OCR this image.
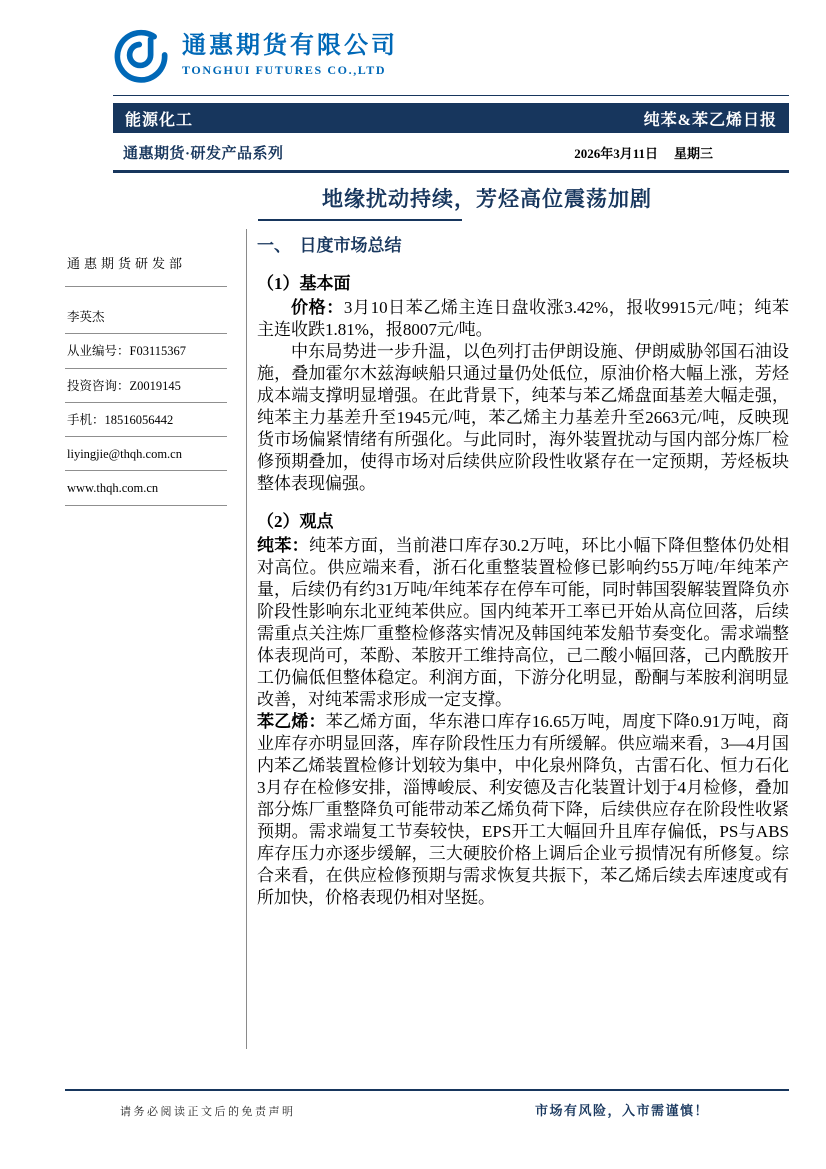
通惠期货有限公司
TONGHUI FUTURES CO.,LTD
能源化工	纯苯&苯乙烯日报
通惠期货·研发产品系列	2026年3月11日 星期三
地缘扰动持续，芳烃高位震荡加剧
通惠期货研发部
李英杰
从业编号：F03115367
投资咨询：Z0019145
手机：18516056442
liyingjie@thqh.com.cn
www.thqh.com.cn
一、　日度市场总结
（1）基本面

价格：3月10日苯乙烯主连日盘收涨3.42%，报收9915元/吨；纯苯主连收跌1.81%，报8007元/吨。

中东局势进一步升温，以色列打击伊朗设施、伊朗威胁邻国石油设施，叠加霍尔木兹海峡船只通过量仍处低位，原油价格大幅上涨，芳烃成本端支撑明显增强。在此背景下，纯苯与苯乙烯盘面基差大幅走强，纯苯主力基差升至1945元/吨，苯乙烯主力基差升至2663元/吨，反映现货市场偏紧情绪有所强化。与此同时，海外装置扰动与国内部分炼厂检修预期叠加，使得市场对后续供应阶段性收紧存在一定预期，芳烃板块整体表现偏强。

（2）观点

纯苯：纯苯方面，当前港口库存30.2万吨，环比小幅下降但整体仍处相对高位。供应端来看，浙石化重整装置检修已影响约55万吨/年纯苯产量，后续仍有约31万吨/年纯苯存在停车可能，同时韩国裂解装置降负亦阶段性影响东北亚纯苯供应。国内纯苯开工率已开始从高位回落，后续需重点关注炼厂重整检修落实情况及韩国纯苯发船节奏变化。需求端整体表现尚可，苯酚、苯胺开工维持高位，己二酸小幅回落，己内酰胺开工仍偏低但整体稳定。利润方面，下游分化明显，酚酮与苯胺利润明显改善，对纯苯需求形成一定支撑。

苯乙烯：苯乙烯方面，华东港口库存16.65万吨，周度下降0.91万吨，商业库存亦明显回落，库存阶段性压力有所缓解。供应端来看，3—4月国内苯乙烯装置检修计划较为集中，中化泉州降负，古雷石化、恒力石化3月存在检修安排，淄博峻辰、利安德及吉化装置计划于4月检修，叠加部分炼厂重整降负可能带动苯乙烯负荷下降，后续供应存在阶段性收紧预期。需求端复工节奏较快，EPS开工大幅回升且库存偏低，PS与ABS库存压力亦逐步缓解，三大硬胶价格上调后企业亏损情况有所修复。综合来看，在供应检修预期与需求恢复共振下，苯乙烯后续去库速度或有所加快，价格表现仍相对坚挺。

请务必阅读正文后的免责声明	市场有风险，入市需谨慎！
